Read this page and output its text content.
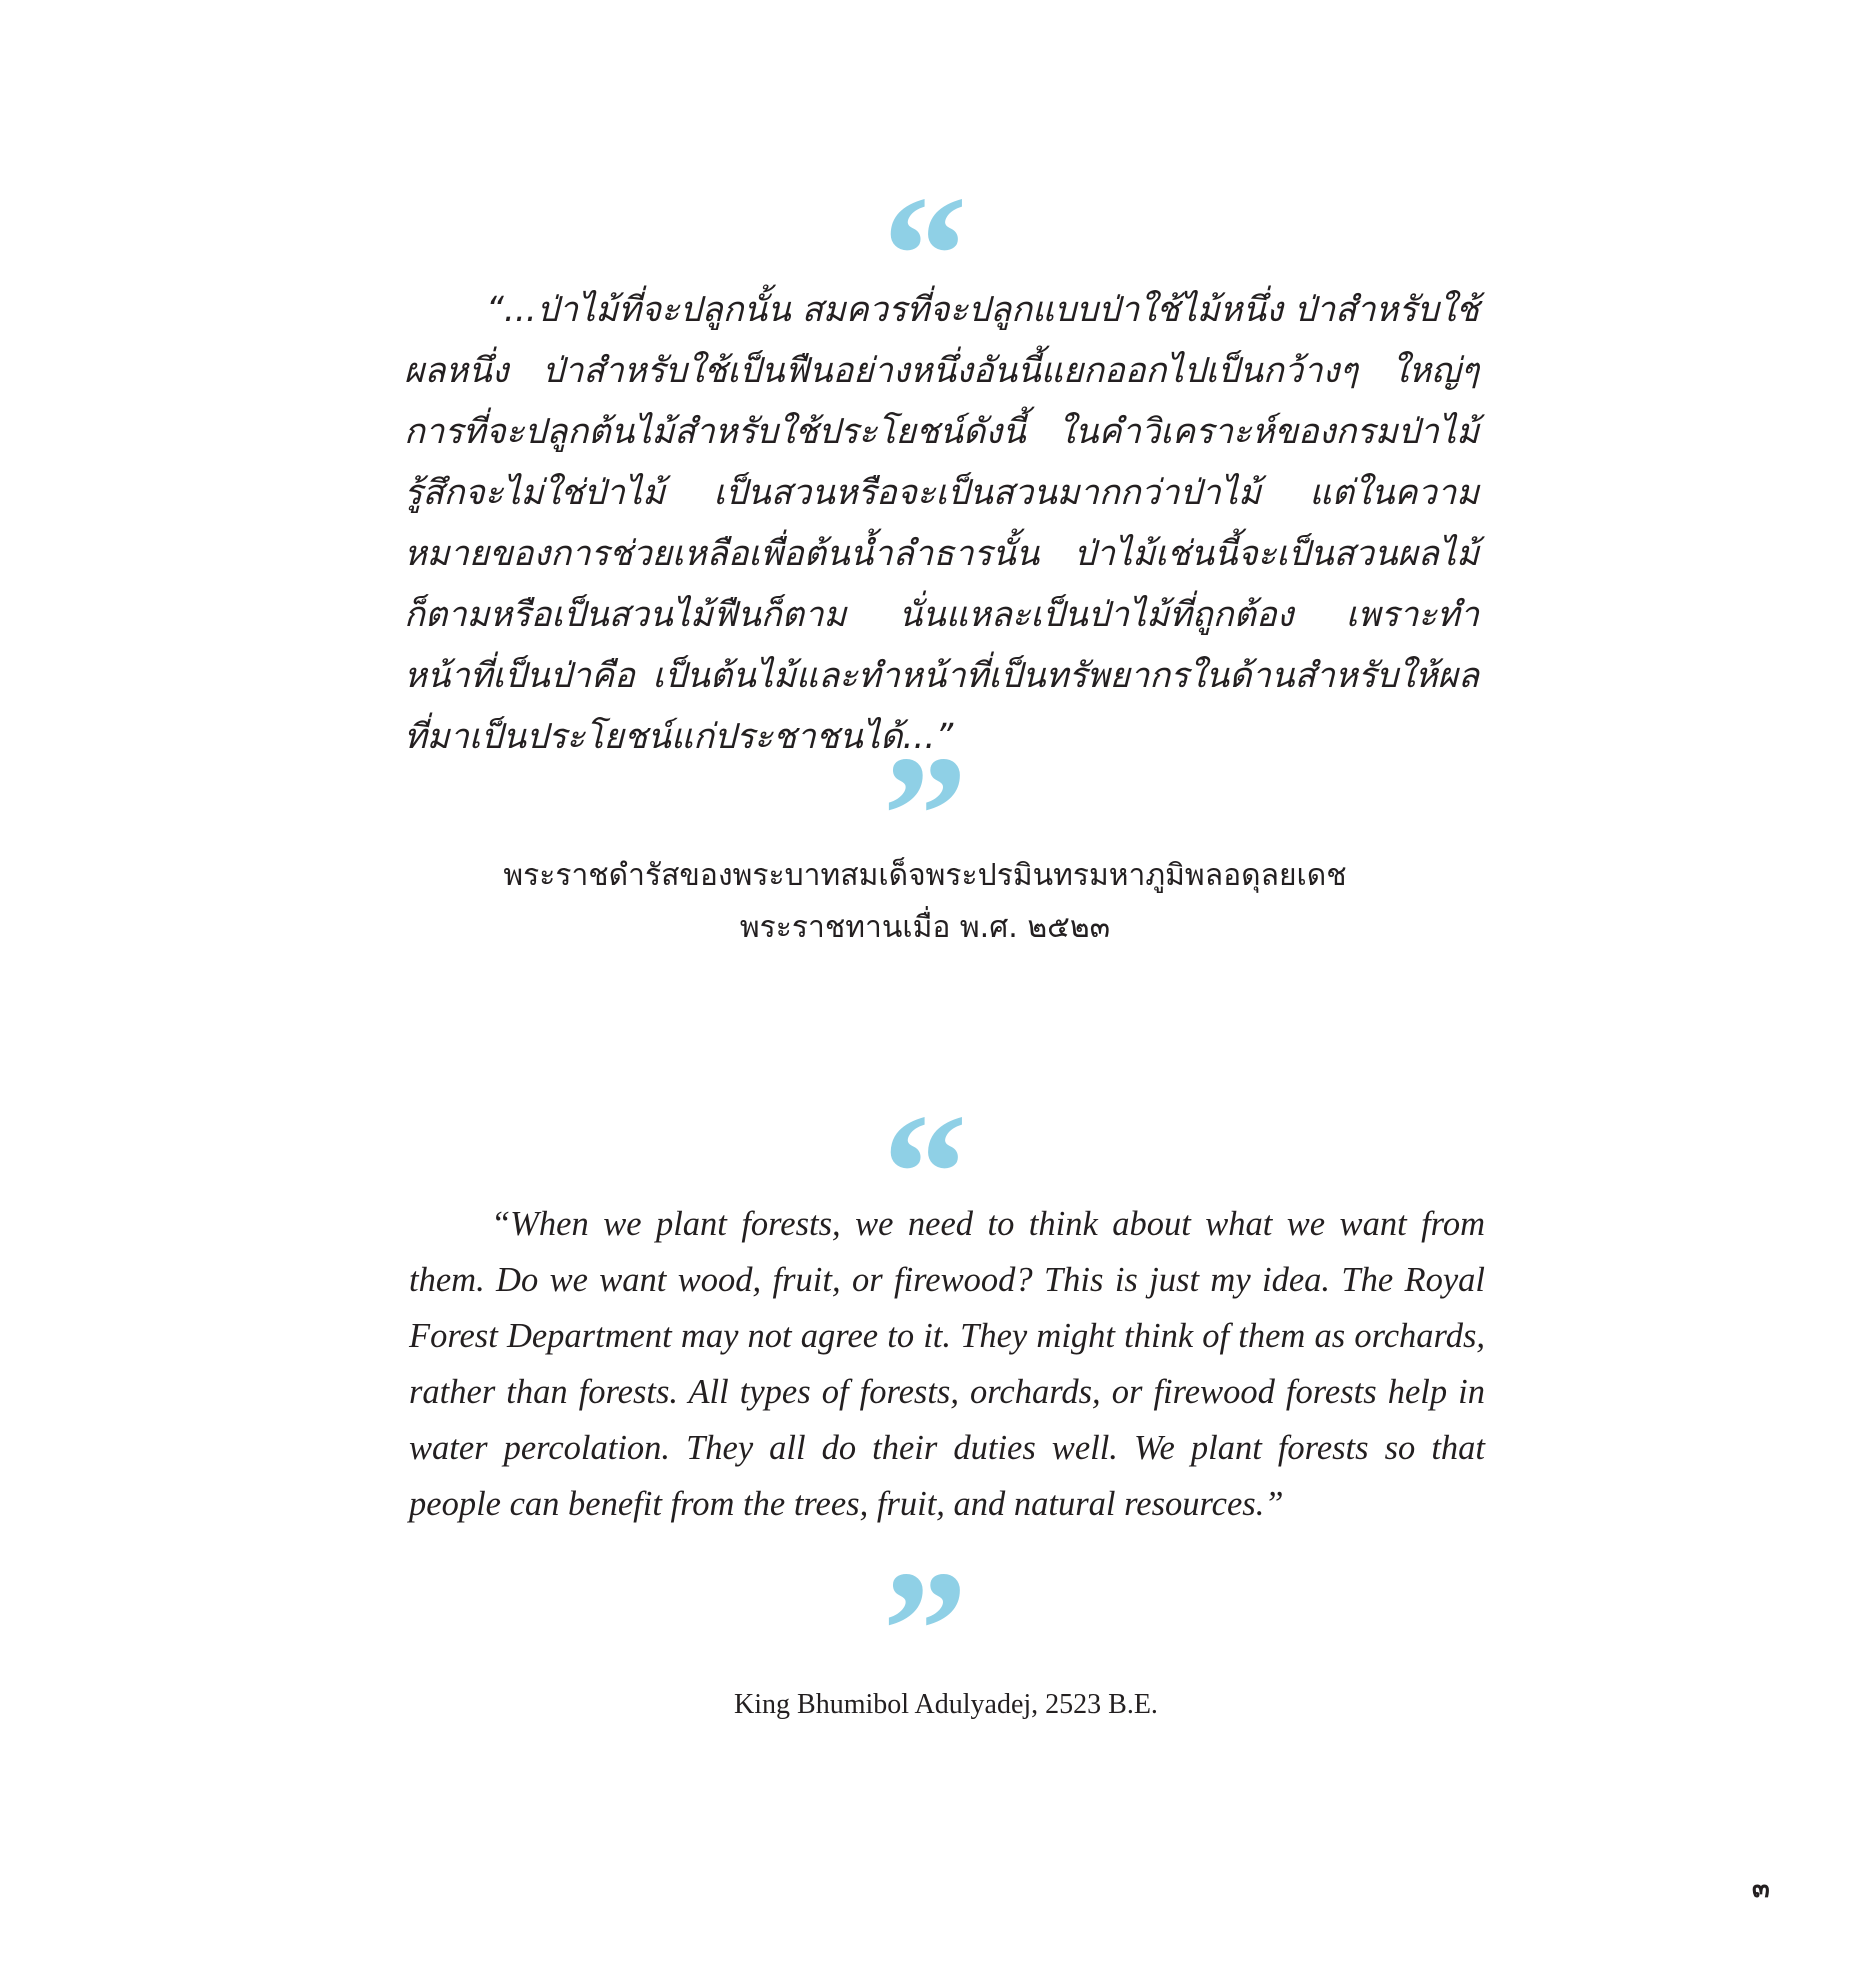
“

“...ป่าไม้ที่จะปลูกนั้น สมควรที่จะปลูกแบบป่าใช้ไม้หนึ่ง ป่าสำหรับใช้ผลหนึ่ง ป่าสำหรับใช้เป็นฟืนอย่างหนึ่งอันนี้แยกออกไปเป็นกว้างๆ ใหญ่ๆ การที่จะปลูกต้นไม้สำหรับใช้ประโยชน์ดังนี้ ในคำวิเคราะห์ของกรมป่าไม้รู้สึกจะไม่ใช่ป่าไม้ เป็นสวนหรือจะเป็นสวนมากกว่าป่าไม้ แต่ในความหมายของการช่วยเหลือเพื่อต้นน้ำลำธารนั้น ป่าไม้เช่นนี้จะเป็นสวนผลไม้ก็ตามหรือเป็นสวนไม้ฟืนก็ตาม นั่นแหละเป็นป่าไม้ที่ถูกต้อง เพราะทำหน้าที่เป็นป่าคือ เป็นต้นไม้และทำหน้าที่เป็นทรัพยากรในด้านสำหรับให้ผลที่มาเป็นประโยชน์แก่ประชาชนได้...”

”
พระราชดำรัสของพระบาทสมเด็จพระปรมินทรมหาภูมิพลอดุลยเดช
พระราชทานเมื่อ พ.ศ. ๒๕๒๓
“

“When we plant forests, we need to think about what we want from them. Do we want wood, fruit, or firewood? This is just my idea. The Royal Forest Department may not agree to it. They might think of them as orchards, rather than forests. All types of forests, orchards, or firewood forests help in water percolation. They all do their duties well. We plant forests so that people can benefit from the trees, fruit, and natural resources.”

”
King Bhumibol Adulyadej, 2523 B.E.
๓
